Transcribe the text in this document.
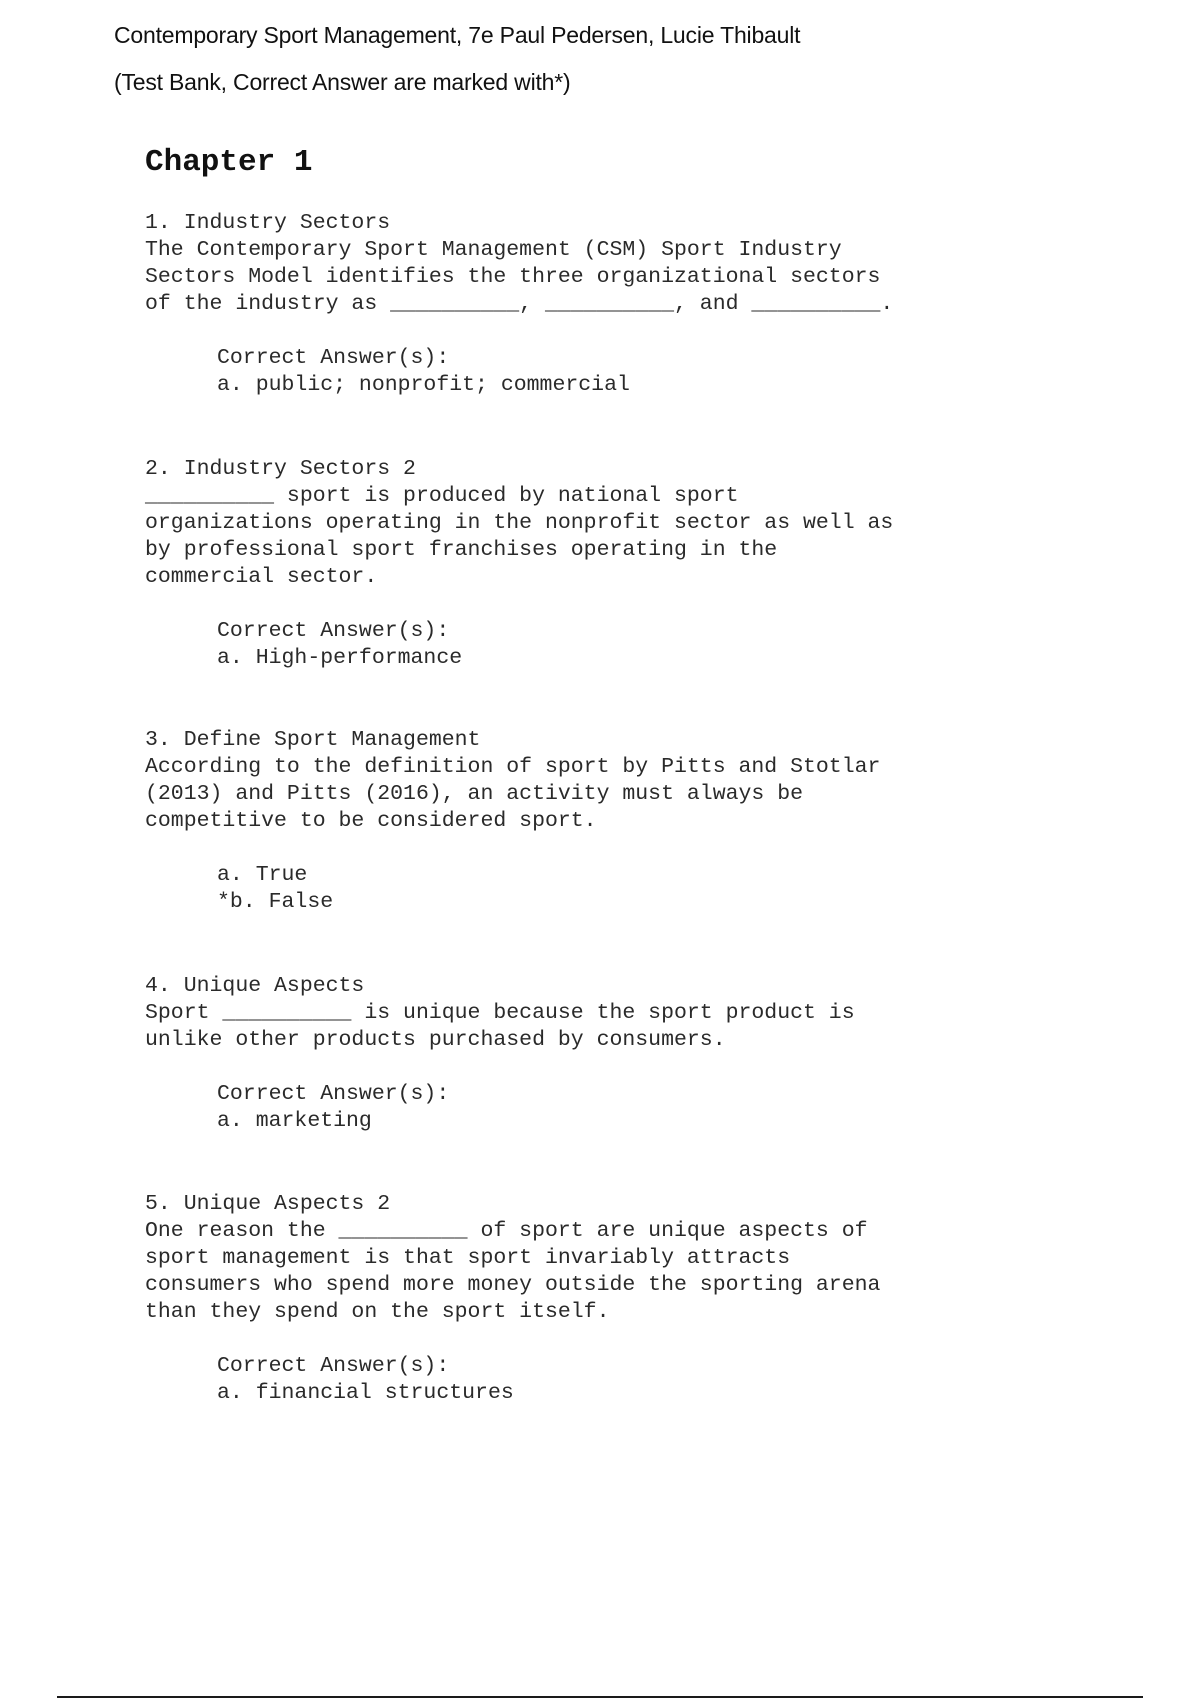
Contemporary Sport Management, 7e Paul Pedersen, Lucie Thibault
(Test Bank, Correct Answer are marked with*)
Chapter 1
1. Industry Sectors
The Contemporary Sport Management (CSM) Sport Industry
Sectors Model identifies the three organizational sectors
of the industry as __________, __________, and __________.
Correct Answer(s):
a. public; nonprofit; commercial
2. Industry Sectors 2
__________ sport is produced by national sport
organizations operating in the nonprofit sector as well as
by professional sport franchises operating in the
commercial sector.
Correct Answer(s):
a. High-performance
3. Define Sport Management
According to the definition of sport by Pitts and Stotlar
(2013) and Pitts (2016), an activity must always be
competitive to be considered sport.
a. True
*b. False
4. Unique Aspects
Sport __________ is unique because the sport product is
unlike other products purchased by consumers.
Correct Answer(s):
a. marketing
5. Unique Aspects 2
One reason the __________ of sport are unique aspects of
sport management is that sport invariably attracts
consumers who spend more money outside the sporting arena
than they spend on the sport itself.
Correct Answer(s):
a. financial structures
